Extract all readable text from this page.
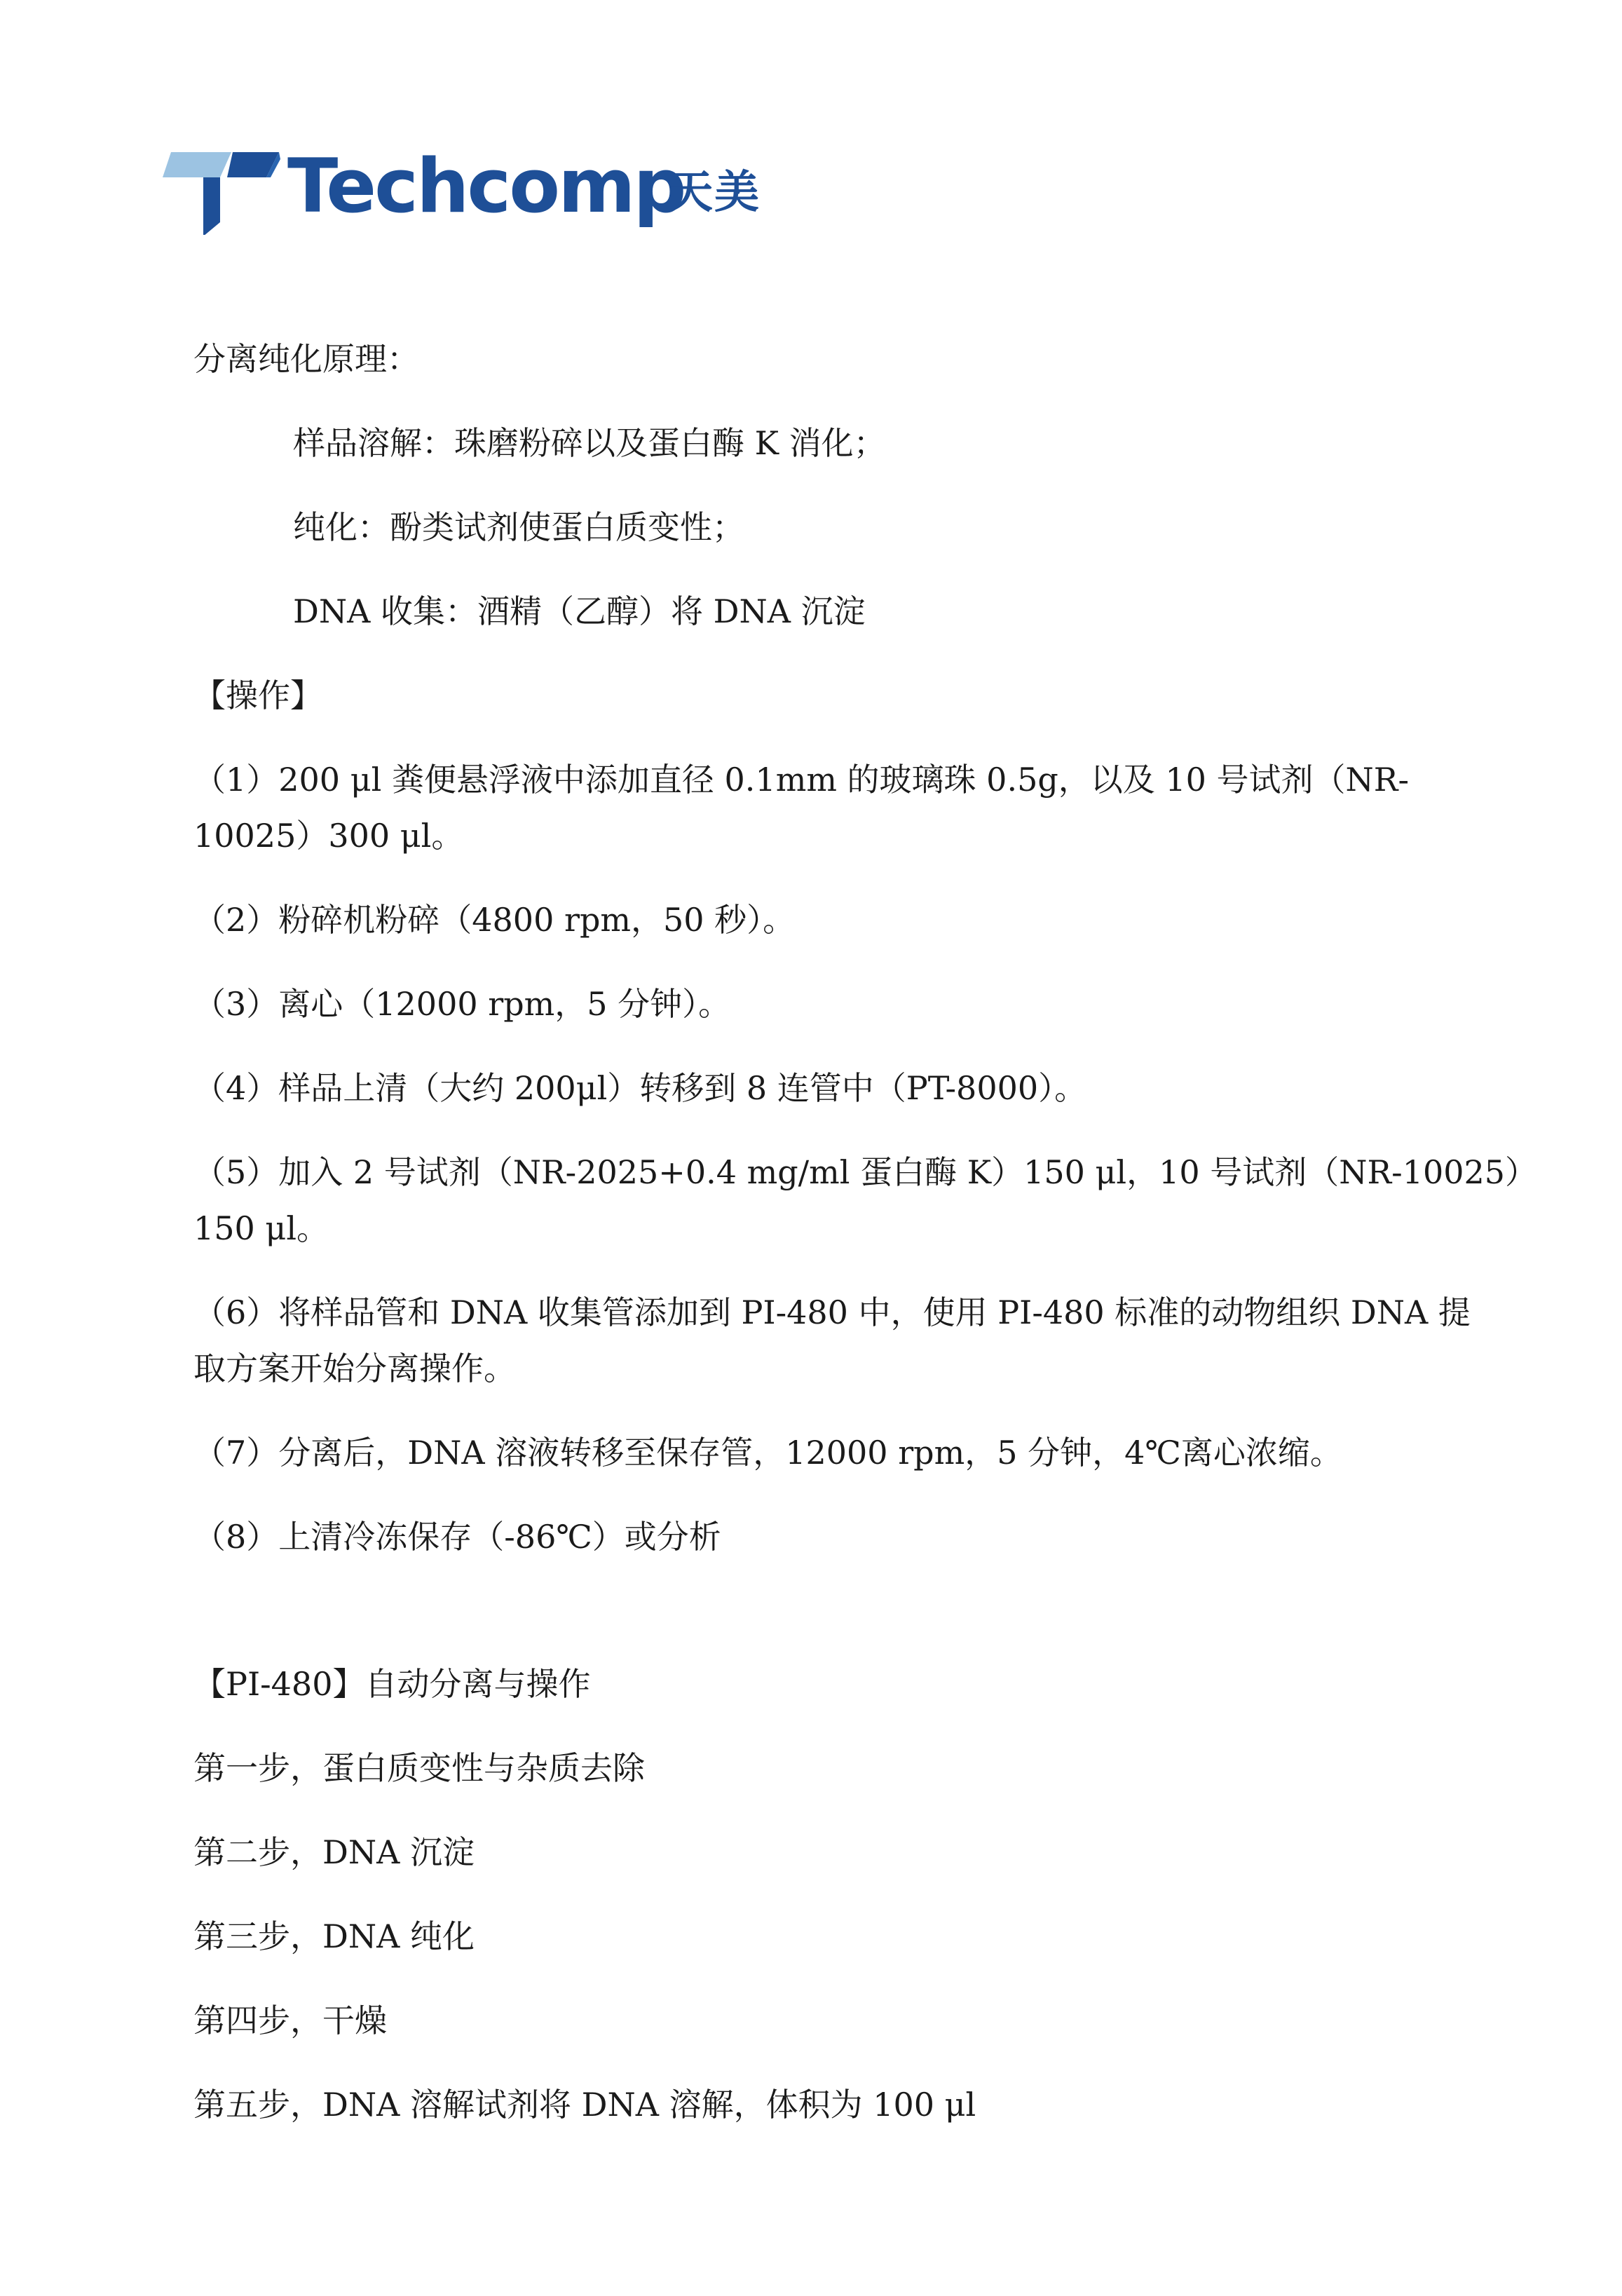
Techcomp
天美

分离纯化原理：

样品溶解：珠磨粉碎以及蛋白酶 K 消化；

纯化：酚类试剂使蛋白质变性；

DNA 收集：酒精（乙醇）将 DNA 沉淀

【操作】

（1）200 μl 粪便悬浮液中添加直径 0.1mm 的玻璃珠 0.5g，以及 10 号试剂（NR-

10025）300 μl。

（2）粉碎机粉碎（4800 rpm，50 秒）。

（3）离心（12000 rpm，5 分钟）。

（4）样品上清（大约 200μl）转移到 8 连管中（PT-8000）。

（5）加入 2 号试剂（NR-2025+0.4 mg/ml 蛋白酶 K）150 μl，10 号试剂（NR-10025）

150 μl。

（6）将样品管和 DNA 收集管添加到 PI-480 中，使用 PI-480 标准的动物组织 DNA 提

取方案开始分离操作。

（7）分离后，DNA 溶液转移至保存管，12000 rpm，5 分钟，4℃离心浓缩。

（8）上清冷冻保存（-86℃）或分析

【PI-480】自动分离与操作

第一步，蛋白质变性与杂质去除

第二步，DNA 沉淀

第三步，DNA 纯化

第四步，干燥

第五步，DNA 溶解试剂将 DNA 溶解，体积为 100 μl
